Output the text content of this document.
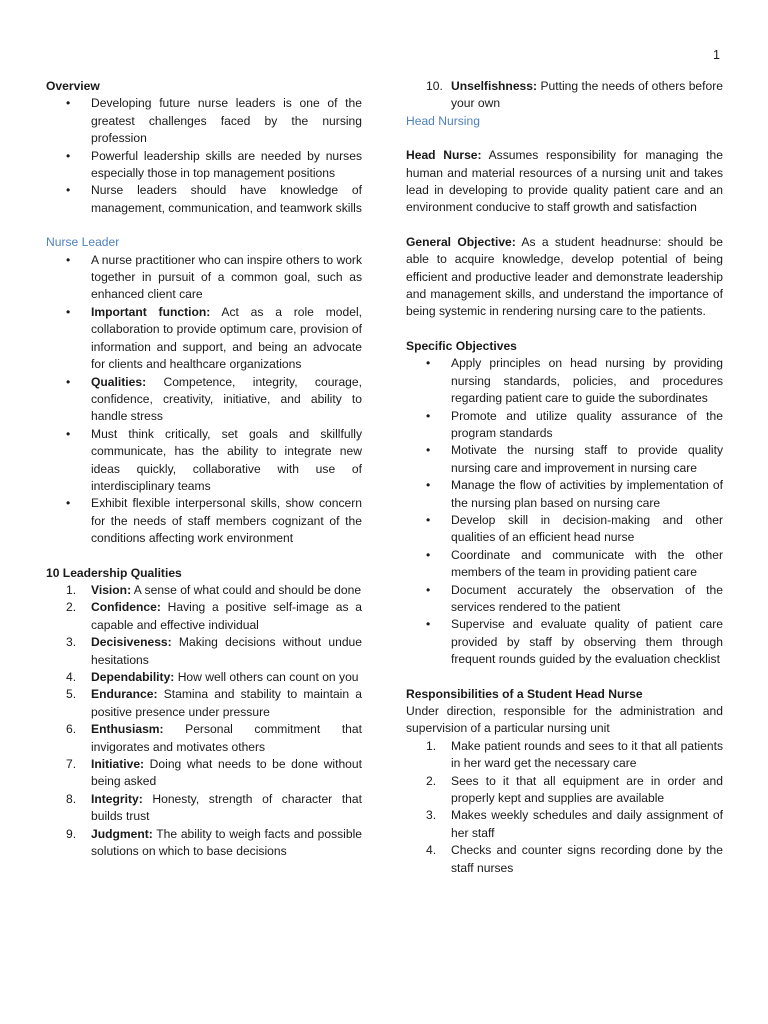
1
Overview
• Developing future nurse leaders is one of the greatest challenges faced by the nursing profession
• Powerful leadership skills are needed by nurses especially those in top management positions
• Nurse leaders should have knowledge of management, communication, and teamwork skills
Nurse Leader
• A nurse practitioner who can inspire others to work together in pursuit of a common goal, such as enhanced client care
• Important function: Act as a role model, collaboration to provide optimum care, provision of information and support, and being an advocate for clients and healthcare organizations
• Qualities: Competence, integrity, courage, confidence, creativity, initiative, and ability to handle stress
• Must think critically, set goals and skillfully communicate, has the ability to integrate new ideas quickly, collaborative with use of interdisciplinary teams
• Exhibit flexible interpersonal skills, show concern for the needs of staff members cognizant of the conditions affecting work environment
10 Leadership Qualities
1. Vision: A sense of what could and should be done
2. Confidence: Having a positive self-image as a capable and effective individual
3. Decisiveness: Making decisions without undue hesitations
4. Dependability: How well others can count on you
5. Endurance: Stamina and stability to maintain a positive presence under pressure
6. Enthusiasm: Personal commitment that invigorates and motivates others
7. Initiative: Doing what needs to be done without being asked
8. Integrity: Honesty, strength of character that builds trust
9. Judgment: The ability to weigh facts and possible solutions on which to base decisions
10. Unselfishness: Putting the needs of others before your own
Head Nursing
Head Nurse: Assumes responsibility for managing the human and material resources of a nursing unit and takes lead in developing to provide quality patient care and an environment conducive to staff growth and satisfaction
General Objective: As a student headnurse: should be able to acquire knowledge, develop potential of being efficient and productive leader and demonstrate leadership and management skills, and understand the importance of being systemic in rendering nursing care to the patients.
Specific Objectives
• Apply principles on head nursing by providing nursing standards, policies, and procedures regarding patient care to guide the subordinates
• Promote and utilize quality assurance of the program standards
• Motivate the nursing staff to provide quality nursing care and improvement in nursing care
• Manage the flow of activities by implementation of the nursing plan based on nursing care
• Develop skill in decision-making and other qualities of an efficient head nurse
• Coordinate and communicate with the other members of the team in providing patient care
• Document accurately the observation of the services rendered to the patient
• Supervise and evaluate quality of patient care provided by staff by observing them through frequent rounds guided by the evaluation checklist
Responsibilities of a Student Head Nurse
Under direction, responsible for the administration and supervision of a particular nursing unit
1. Make patient rounds and sees to it that all patients in her ward get the necessary care
2. Sees to it that all equipment are in order and properly kept and supplies are available
3. Makes weekly schedules and daily assignment of her staff
4. Checks and counter signs recording done by the staff nurses
